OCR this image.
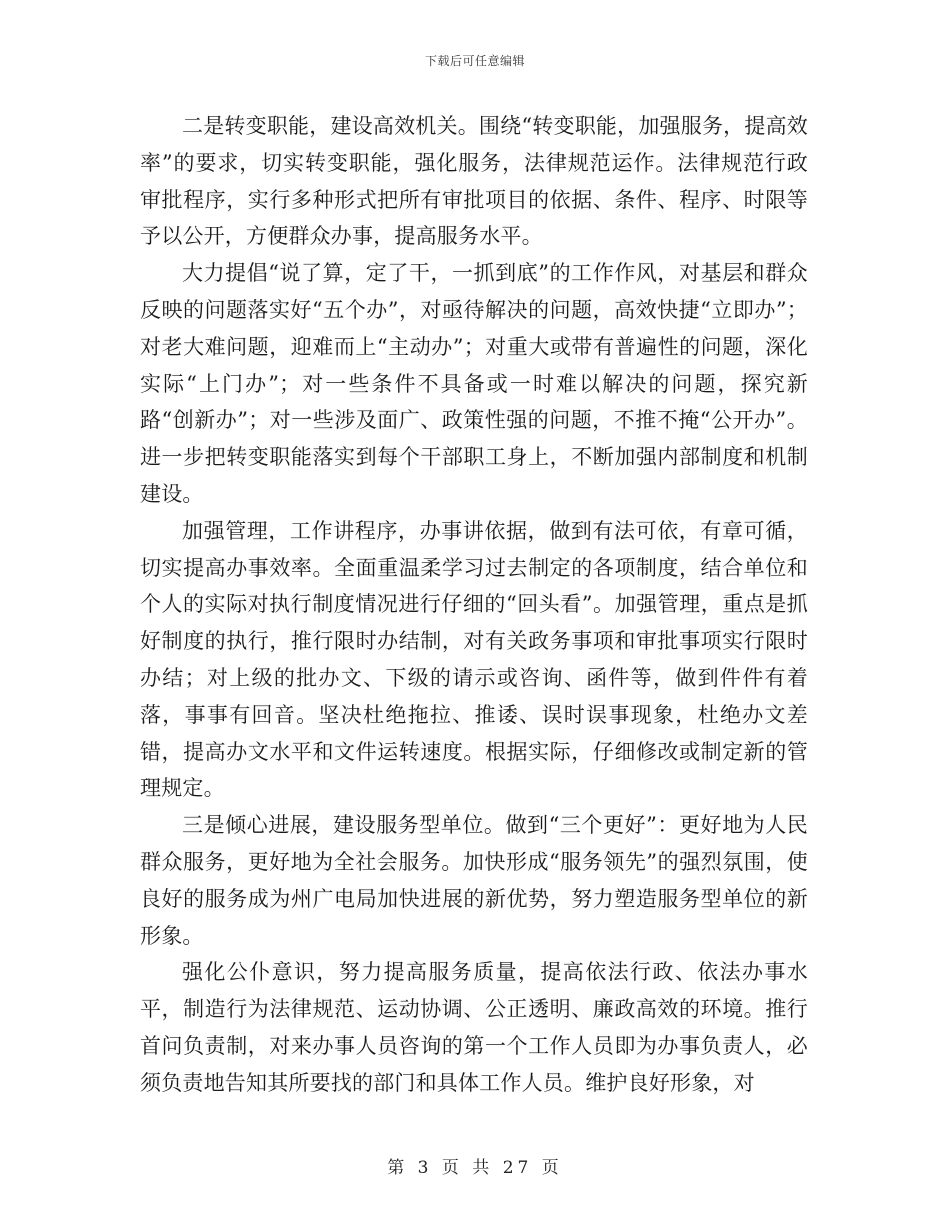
下载后可任意编辑

二是转变职能，建设高效机关。围绕“转变职能，加强服务，提高效率”的要求，切实转变职能，强化服务，法律规范运作。法律规范行政审批程序，实行多种形式把所有审批项目的依据、条件、程序、时限等予以公开，方便群众办事，提高服务水平。

大力提倡“说了算，定了干，一抓到底”的工作作风，对基层和群众反映的问题落实好“五个办”，对亟待解决的问题，高效快捷“立即办”；对老大难问题，迎难而上“主动办”；对重大或带有普遍性的问题，深化实际“上门办”；对一些条件不具备或一时难以解决的问题，探究新路“创新办”；对一些涉及面广、政策性强的问题，不推不掩“公开办”。进一步把转变职能落实到每个干部职工身上，不断加强内部制度和机制建设。

加强管理，工作讲程序，办事讲依据，做到有法可依，有章可循，切实提高办事效率。全面重温柔学习过去制定的各项制度，结合单位和个人的实际对执行制度情况进行仔细的“回头看”。加强管理，重点是抓好制度的执行，推行限时办结制，对有关政务事项和审批事项实行限时办结；对上级的批办文、下级的请示或咨询、函件等，做到件件有着落，事事有回音。坚决杜绝拖拉、推诿、误时误事现象，杜绝办文差错，提高办文水平和文件运转速度。根据实际，仔细修改或制定新的管理规定。

三是倾心进展，建设服务型单位。做到“三个更好”：更好地为人民群众服务，更好地为全社会服务。加快形成“服务领先”的强烈氛围，使良好的服务成为州广电局加快进展的新优势，努力塑造服务型单位的新形象。

强化公仆意识，努力提高服务质量，提高依法行政、依法办事水平，制造行为法律规范、运动协调、公正透明、廉政高效的环境。推行首问负责制，对来办事人员咨询的第一个工作人员即为办事负责人，必须负责地告知其所要找的部门和具体工作人员。维护良好形象，对

第 3 页 共 27 页
